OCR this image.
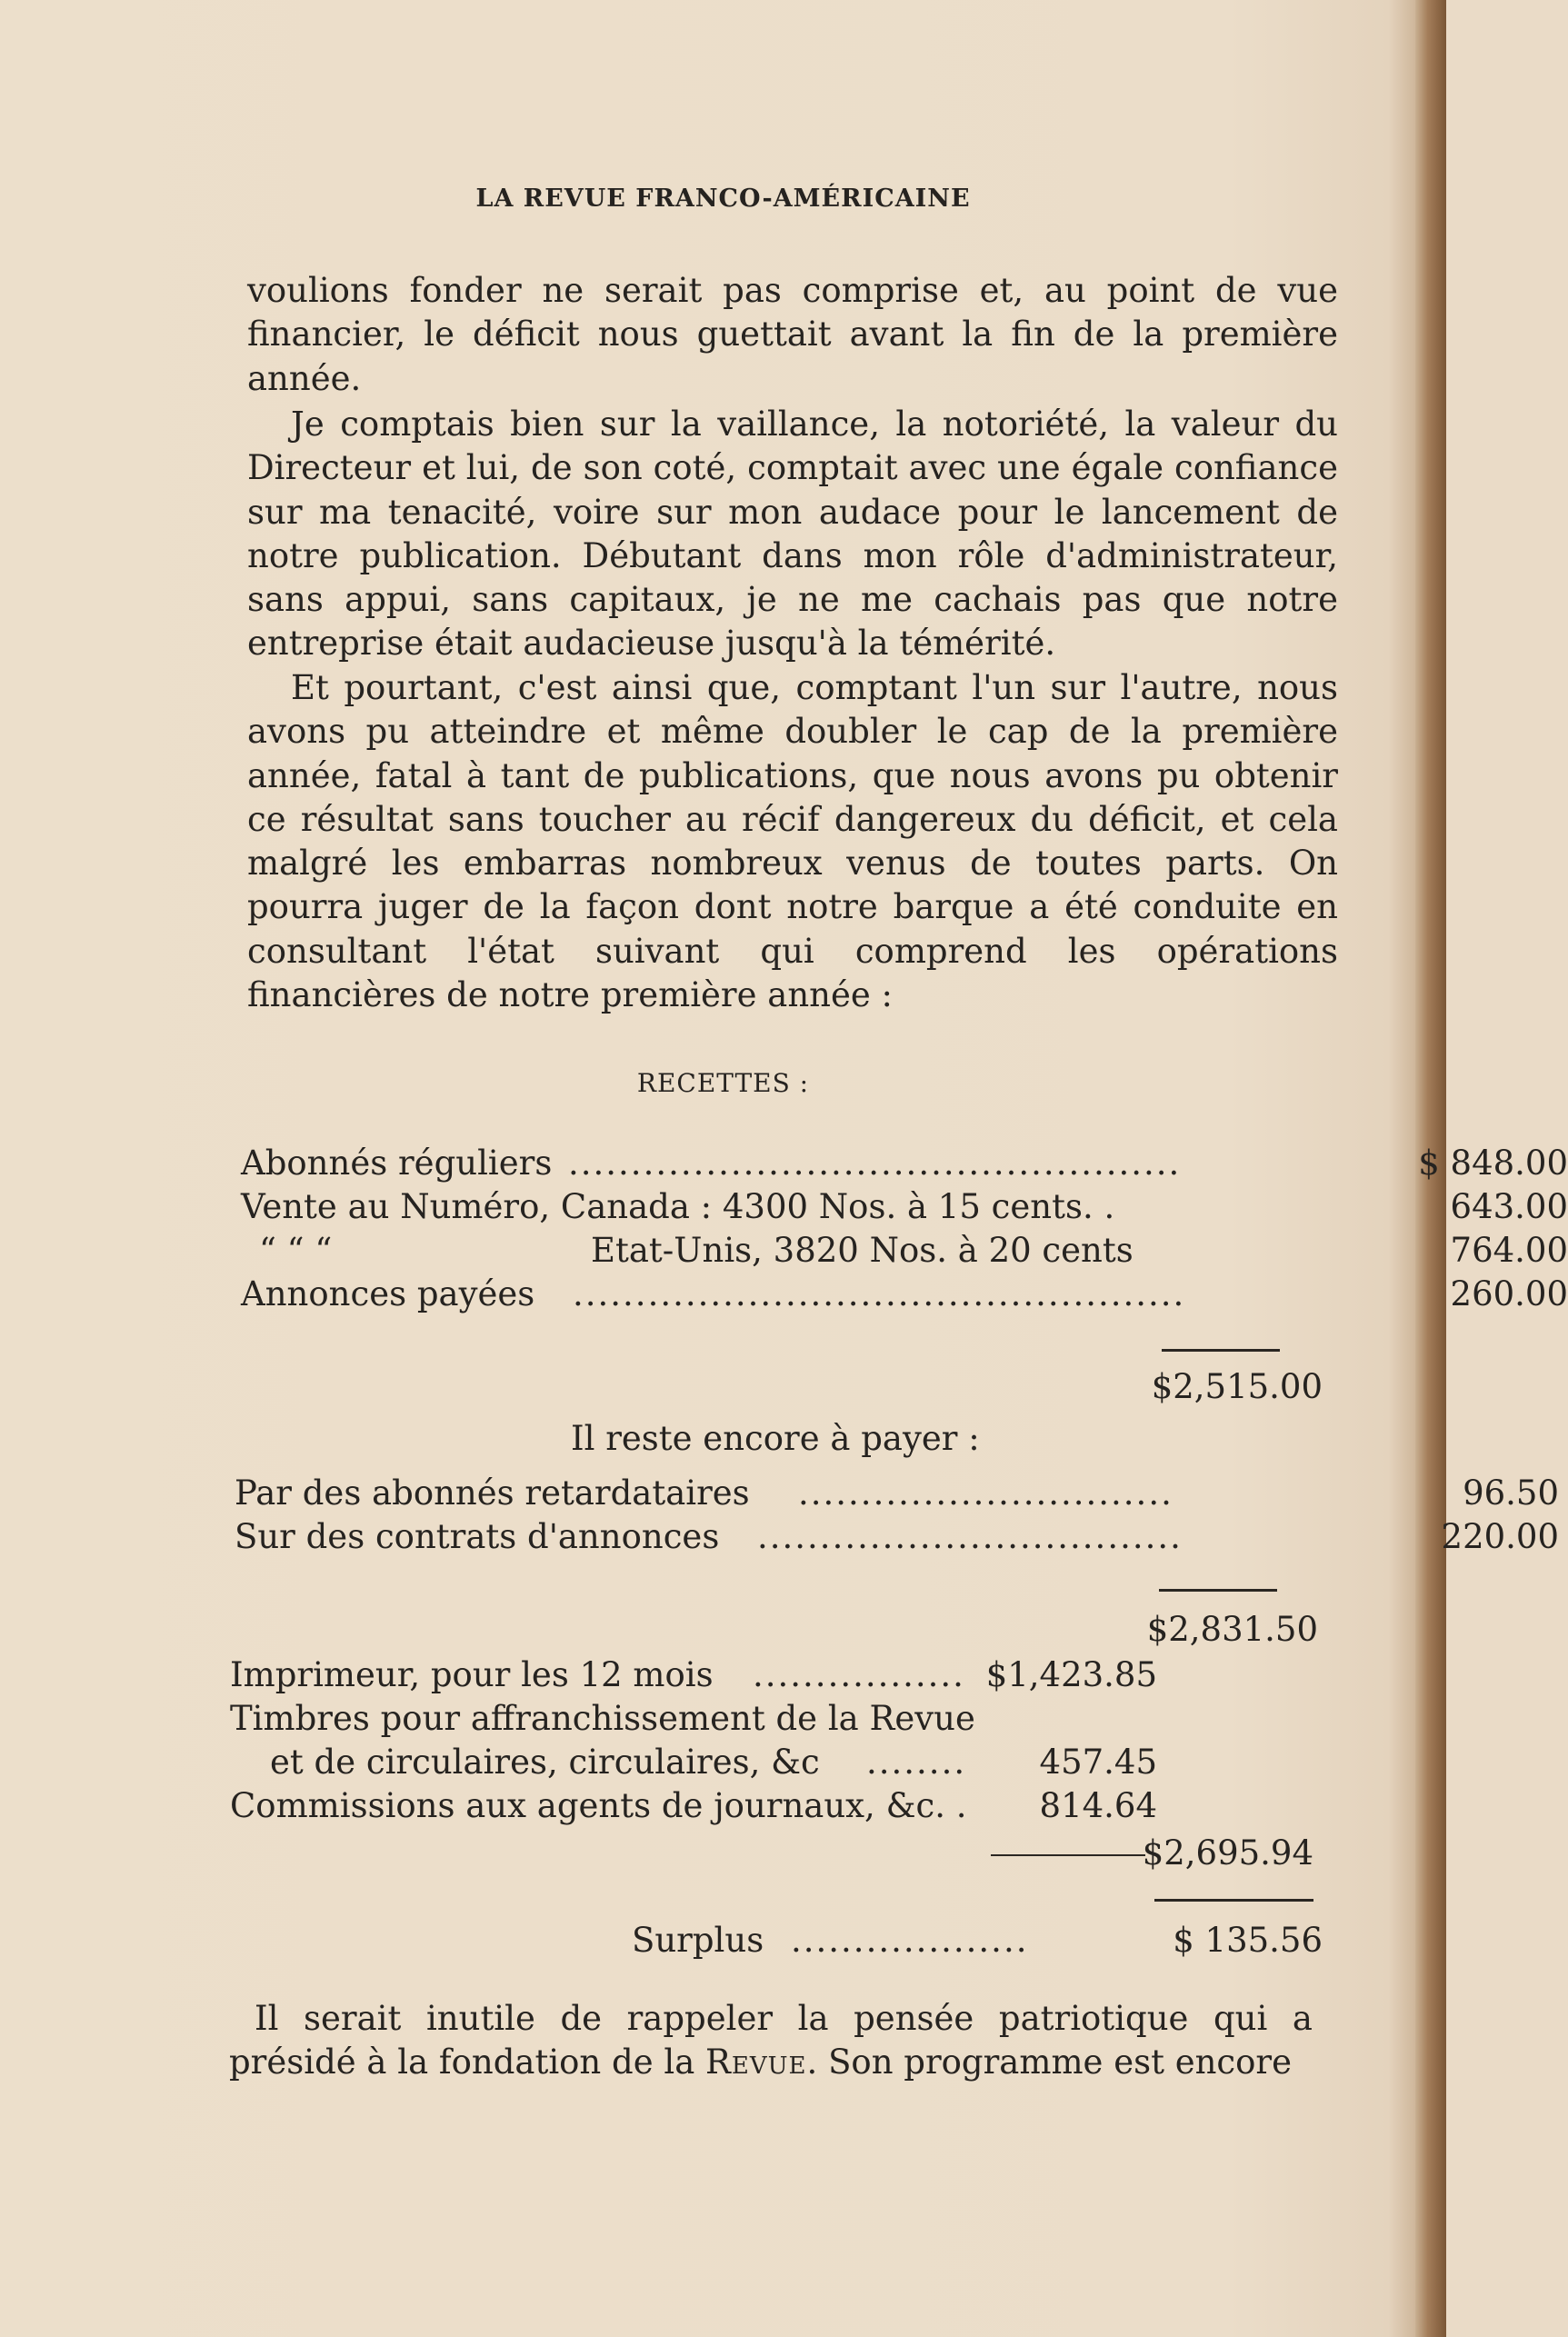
LA REVUE FRANCO-AMÉRICAINE

voulions fonder ne serait pas comprise et, au point de vue financier, le déficit nous guettait avant la fin de la première année.

Je comptais bien sur la vaillance, la notoriété, la valeur du Directeur et lui, de son coté, comptait avec une égale confiance sur ma tenacité, voire sur mon audace pour le lancement de notre publication. Débutant dans mon rôle d'administrateur, sans appui, sans capitaux, je ne me cachais pas que notre entreprise était audacieuse jusqu'à la témérité.

Et pourtant, c'est ainsi que, comptant l'un sur l'autre, nous avons pu atteindre et même doubler le cap de la première année, fatal à tant de publications, que nous avons pu obtenir ce résultat sans toucher au récif dangereux du déficit, et cela malgré les embarras nombreux venus de toutes parts. On pourra juger de la façon dont notre barque a été conduite en consultant l'état suivant qui comprend les opérations financières de notre première année :

RECETTES :
Abonnés réguliers .................................................	$ 848.00
Vente au Numéro, Canada : 4300 Nos. à 15 cents. .	643.00
“ “ “	Etat-Unis, 3820 Nos. à 20 cents	764.00
Annonces payées .................................................	260.00
$2,515.00
Il reste encore à payer :
Par des abonnés retardataires ..............................	96.50
Sur des contrats d'annonces ..................................	220.00
$2,831.50
Imprimeur, pour les 12 mois ................. $1,423.85
Timbres pour affranchissement de la Revue
et de circulaires, circulaires, &c ........	457.45
Commissions aux agents de journaux, &c. .	814.64
$2,695.94
Surplus ...................	$ 135.56

Il serait inutile de rappeler la pensée patriotique qui a présidé à la fondation de la Revue. Son programme est encore
